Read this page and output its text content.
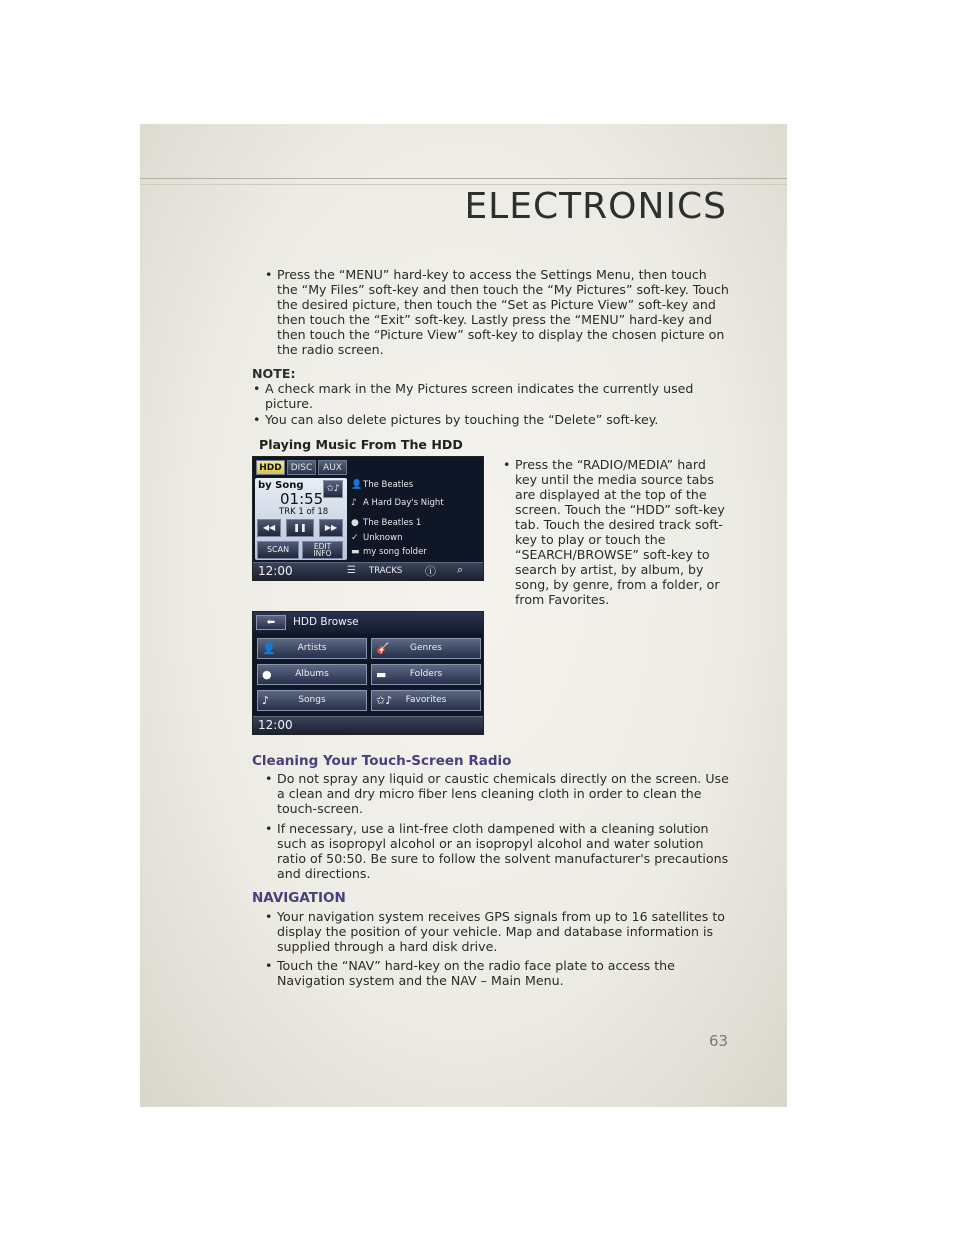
ELECTRONICS
• Press the “MENU” hard-key to access the Settings Menu, then touch the “My Files” soft-key and then touch the “My Pictures” soft-key. Touch the desired picture, then touch the “Set as Picture View” soft-key and then touch the “Exit” soft-key. Lastly press the “MENU” hard-key and then touch the “Picture View” soft-key to display the chosen picture on the radio screen.
NOTE:
• A check mark in the My Pictures screen indicates the currently used picture.
• You can also delete pictures by touching the “Delete” soft-key.
Playing Music From The HDD
HDD DISC	AUX
by Song
01:55
TRK 1 of 18
✩♪
◀◀ ❚❚ ▶▶
SCAN	EDIT INFO
👤 The Beatles
♪ A Hard Day's Night
● The Beatles 1
✓ Unknown
▬ my song folder
12:00	☰ TRACKS ⓘ ⌕
• Press the “RADIO/MEDIA” hard key until the media source tabs are displayed at the top of the screen. Touch the “HDD” soft-key tab. Touch the desired track soft-key to play or touch the “SEARCH/BROWSE” soft-key to search by artist, by album, by song, by genre, from a folder, or from Favorites.
⬅	HDD Browse
👤 Artists	🎸 Genres
●	Albums	▬	Folders
♪	Songs	✩♪ Favorites
12:00
Cleaning Your Touch-Screen Radio
• Do not spray any liquid or caustic chemicals directly on the screen. Use a clean and dry micro fiber lens cleaning cloth in order to clean the touch-screen.
• If necessary, use a lint-free cloth dampened with a cleaning solution such as isopropyl alcohol or an isopropyl alcohol and water solution ratio of 50:50. Be sure to follow the solvent manufacturer's precautions and directions.
NAVIGATION
• Your navigation system receives GPS signals from up to 16 satellites to display the position of your vehicle. Map and database information is supplied through a hard disk drive.
• Touch the “NAV” hard-key on the radio face plate to access the Navigation system and the NAV – Main Menu.
63
